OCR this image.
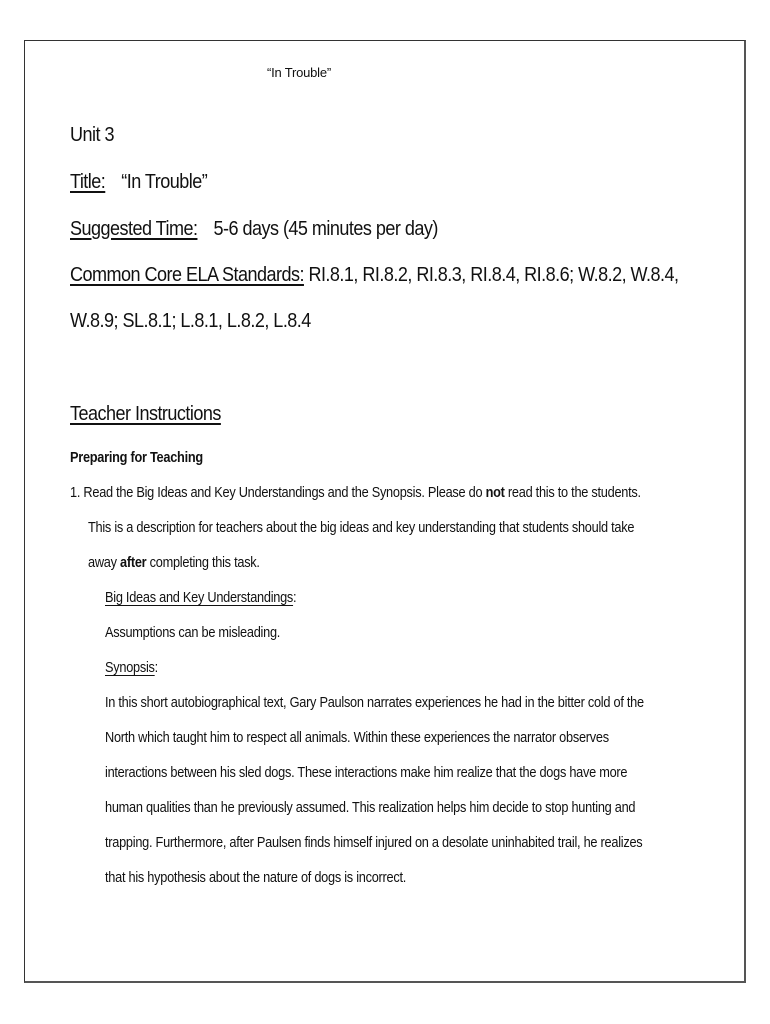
“In Trouble”
Unit 3
Title: “In Trouble”
Suggested Time: 5-6 days (45 minutes per day)
Common Core ELA Standards: RI.8.1, RI.8.2, RI.8.3, RI.8.4, RI.8.6; W.8.2, W.8.4,
W.8.9; SL.8.1; L.8.1, L.8.2, L.8.4
Teacher Instructions
Preparing for Teaching
1. Read the Big Ideas and Key Understandings and the Synopsis. Please do not read this to the students.
This is a description for teachers about the big ideas and key understanding that students should take
away after completing this task.
Big Ideas and Key Understandings:
Assumptions can be misleading.
Synopsis:
In this short autobiographical text, Gary Paulson narrates experiences he had in the bitter cold of the
North which taught him to respect all animals. Within these experiences the narrator observes
interactions between his sled dogs. These interactions make him realize that the dogs have more
human qualities than he previously assumed. This realization helps him decide to stop hunting and
trapping. Furthermore, after Paulsen finds himself injured on a desolate uninhabited trail, he realizes
that his hypothesis about the nature of dogs is incorrect.
